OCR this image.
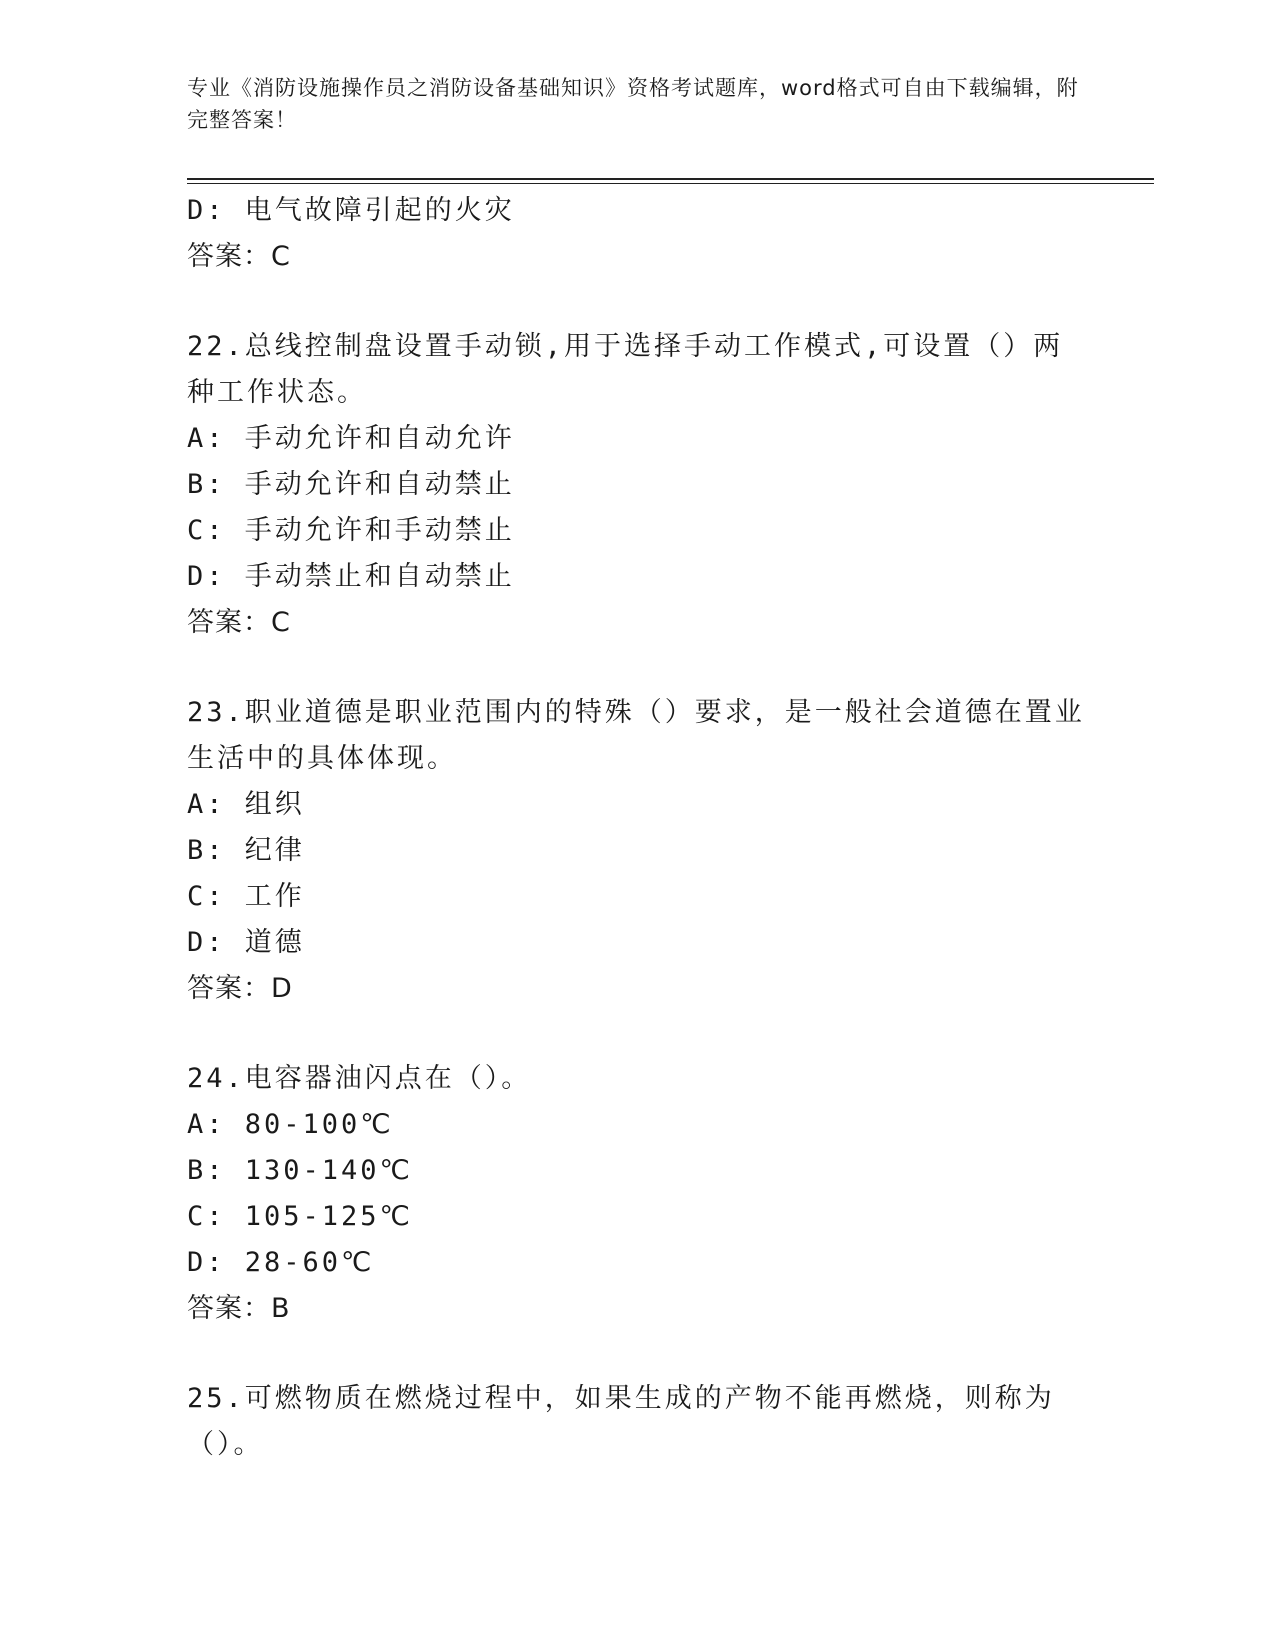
专业《消防设施操作员之消防设备基础知识》资格考试题库，word格式可自由下载编辑，附完整答案！
D: 电气故障引起的火灾
答案：C
22.总线控制盘设置手动锁,用于选择手动工作模式,可设置（）两种工作状态。
A: 手动允许和自动允许
B: 手动允许和自动禁止
C: 手动允许和手动禁止
D: 手动禁止和自动禁止
答案：C
23.职业道德是职业范围内的特殊（）要求，是一般社会道德在置业生活中的具体体现。
A: 组织
B: 纪律
C: 工作
D: 道德
答案：D
24.电容器油闪点在（）。
A: 80-100℃
B: 130-140℃
C: 105-125℃
D: 28-60℃
答案：B
25.可燃物质在燃烧过程中，如果生成的产物不能再燃烧，则称为（）。
